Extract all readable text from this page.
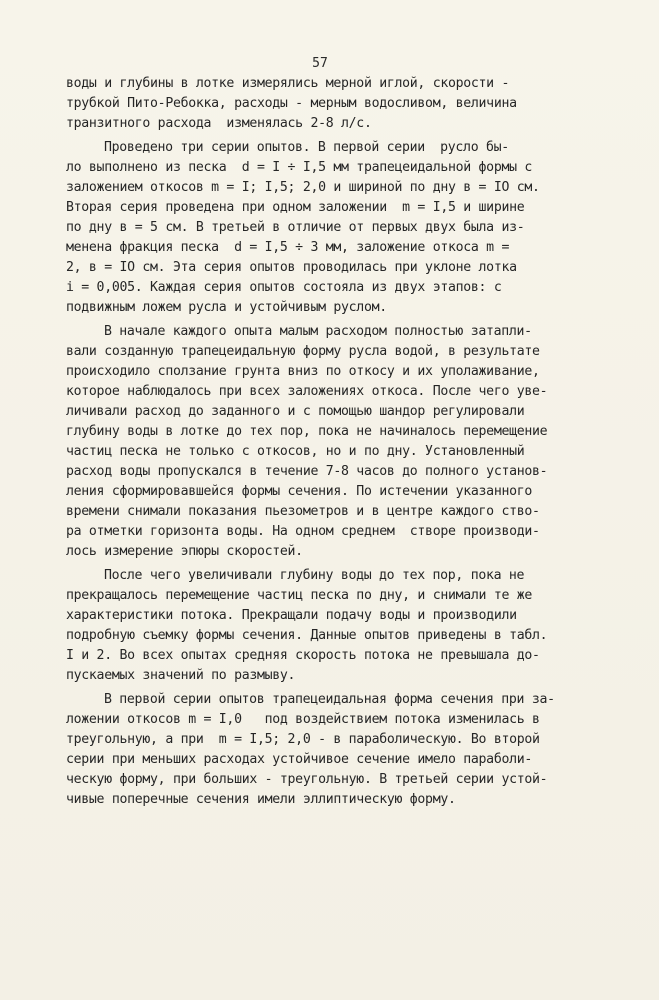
57
воды и глубины в лотке измерялись мерной иглой, скорости -
трубкой Пито-Ребокка, расходы - мерным водосливом, величина
транзитного расхода  изменялась 2-8 л/с.
Проведено три серии опытов. В первой серии  русло бы-
ло выполнено из песка  d = I ÷ I,5 мм трапецеидальной формы с
заложением откосов m = I; I,5; 2,0 и шириной по дну в = IO см.
Вторая серия проведена при одном заложении  m = I,5 и ширине
по дну в = 5 см. В третьей в отличие от первых двух была из-
менена фракция песка  d = I,5 ÷ 3 мм, заложение откоса m =
2, в = IO см. Эта серия опытов проводилась при уклоне лотка
i = 0,005. Каждая серия опытов состояла из двух этапов: с
подвижным ложем русла и устойчивым руслом.
В начале каждого опыта малым расходом полностью затапли-
вали созданную трапецеидальную форму русла водой, в результате
происходило сползание грунта вниз по откосу и их уполаживание,
которое наблюдалось при всех заложениях откоса. После чего уве-
личивали расход до заданного и с помощью шандор регулировали
глубину воды в лотке до тех пор, пока не начиналось перемещение
частиц песка не только с откосов, но и по дну. Установленный
расход воды пропускался в течение 7-8 часов до полного установ-
ления сформировавшейся формы сечения. По истечении указанного
времени снимали показания пьезометров и в центре каждого ство-
ра отметки горизонта воды. На одном среднем  створе производи-
лось измерение эпюры скоростей.
После чего увеличивали глубину воды до тех пор, пока не
прекращалось перемещение частиц песка по дну, и снимали те же
характеристики потока. Прекращали подачу воды и производили
подробную съемку формы сечения. Данные опытов приведены в табл.
I и 2. Во всех опытах средняя скорость потока не превышала до-
пускаемых значений по размыву.
В первой серии опытов трапецеидальная форма сечения при за-
ложении откосов m = I,0   под воздействием потока изменилась в
треугольную, а при  m = I,5; 2,0 - в параболическую. Во второй
серии при меньших расходах устойчивое сечение имело параболи-
ческую форму, при больших - треугольную. В третьей серии устой-
чивые поперечные сечения имели эллиптическую форму.
